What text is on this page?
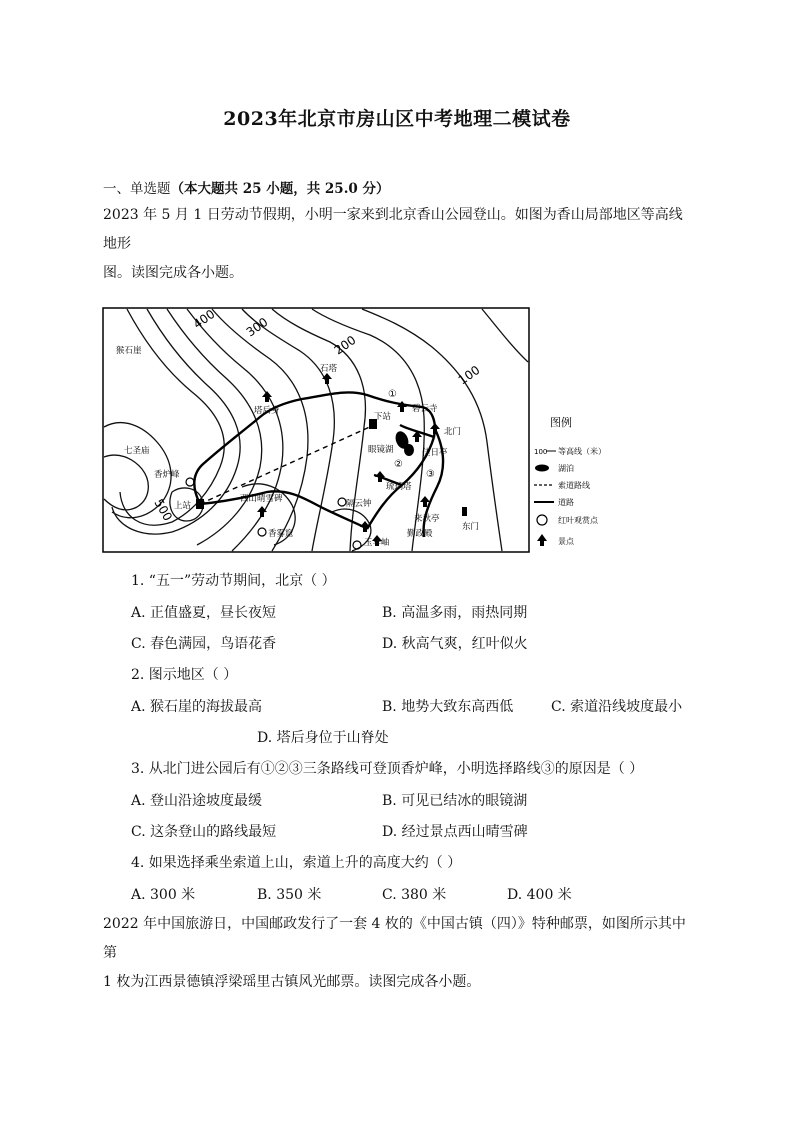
2023年北京市房山区中考地理二模试卷
一、单选题（本大题共 25 小题，共 25.0 分）
2023 年 5 月 1 日劳动节假期，小明一家来到北京香山公园登山。如图为香山局部地区等高线地形
图。读图完成各小题。
400 300
200
100
500
猴石崖
七圣庙
香炉峰
上站
塔后身
石塔
碧云寺
下站
北门
眼镜湖	佳日亭
琉璃塔
西山晴雪碑	隔云钟
香雾窟
来秋亭
勤政殿
东门
玉华岫
①
②
③
图例
100 等高线（米）
湖泊
索道路线
道路
红叶观赏点
景点
1. “五一”劳动节期间，北京（ ）
A. 正值盛夏，昼长夜短	B. 高温多雨，雨热同期
C. 春色满园，鸟语花香	D. 秋高气爽，红叶似火
2. 图示地区（ ）
A. 猴石崖的海拔最高	B. 地势大致东高西低	C. 索道沿线坡度最小
D. 塔后身位于山脊处
3. 从北门进公园后有①②③三条路线可登顶香炉峰，小明选择路线③的原因是（ ）
A. 登山沿途坡度最缓	B. 可见已结冰的眼镜湖
C. 这条登山的路线最短	D. 经过景点西山晴雪碑
4. 如果选择乘坐索道上山，索道上升的高度大约（ ）
A. 300 米	B. 350 米	C. 380 米	D. 400 米
2022 年中国旅游日，中国邮政发行了一套 4 枚的《中国古镇（四）》特种邮票，如图所示其中第
1 枚为江西景德镇浮梁瑶里古镇风光邮票。读图完成各小题。
